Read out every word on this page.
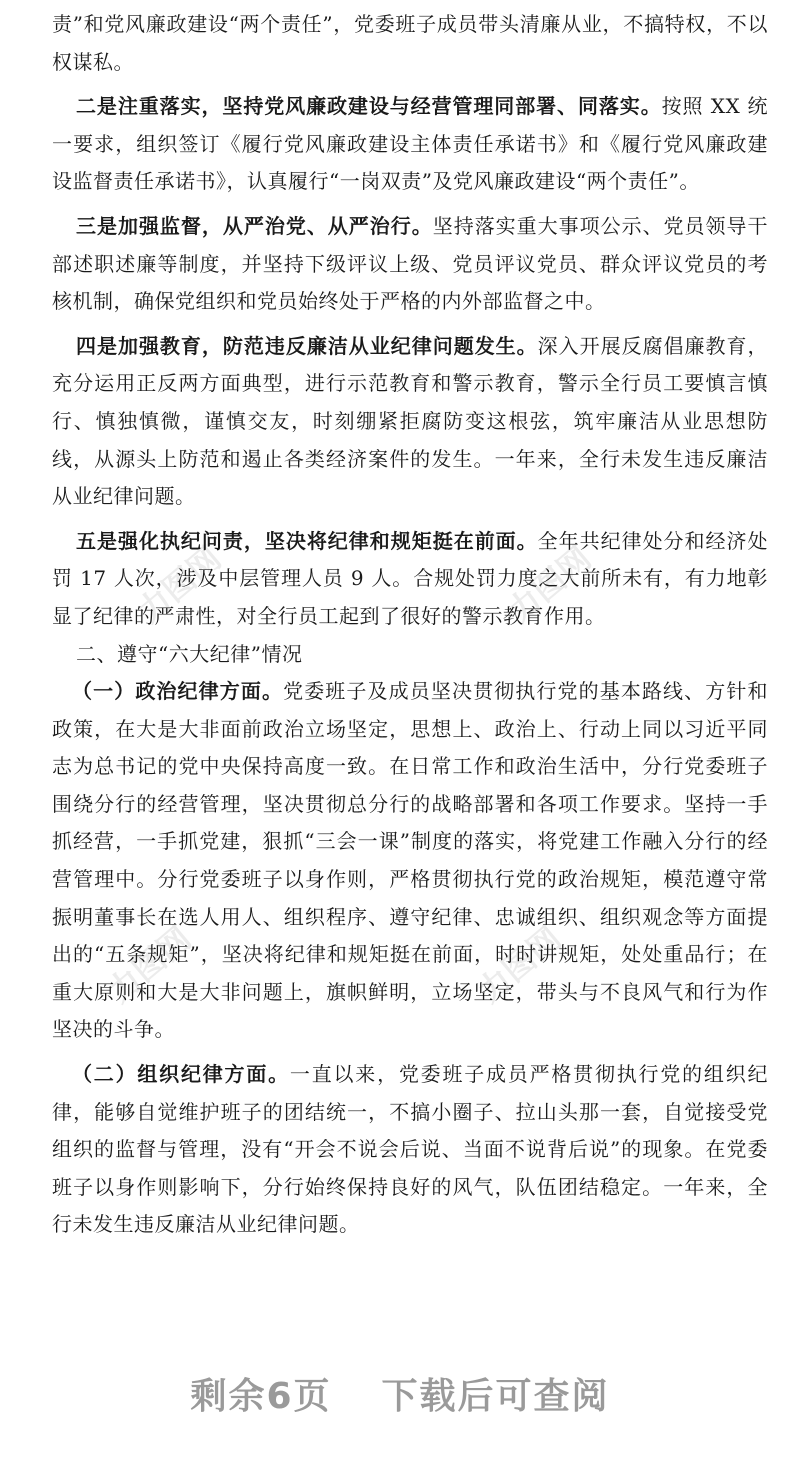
力图网	力图网
力图网	力图网

责”和党风廉政建设“两个责任”，党委班子成员带头清廉从业，不搞特权，不以权谋私。

二是注重落实，坚持党风廉政建设与经营管理同部署、同落实。按照 XX 统一要求，组织签订《履行党风廉政建设主体责任承诺书》和《履行党风廉政建设监督责任承诺书》，认真履行“一岗双责”及党风廉政建设“两个责任”。

三是加强监督，从严治党、从严治行。坚持落实重大事项公示、党员领导干部述职述廉等制度，并坚持下级评议上级、党员评议党员、群众评议党员的考核机制，确保党组织和党员始终处于严格的内外部监督之中。

四是加强教育，防范违反廉洁从业纪律问题发生。深入开展反腐倡廉教育，充分运用正反两方面典型，进行示范教育和警示教育，警示全行员工要慎言慎行、慎独慎微，谨慎交友，时刻绷紧拒腐防变这根弦，筑牢廉洁从业思想防线，从源头上防范和遏止各类经济案件的发生。一年来，全行未发生违反廉洁从业纪律问题。

五是强化执纪问责，坚决将纪律和规矩挺在前面。全年共纪律处分和经济处罚 17 人次，涉及中层管理人员 9 人。合规处罚力度之大前所未有，有力地彰显了纪律的严肃性，对全行员工起到了很好的警示教育作用。

二、遵守“六大纪律”情况

（一）政治纪律方面。党委班子及成员坚决贯彻执行党的基本路线、方针和政策，在大是大非面前政治立场坚定，思想上、政治上、行动上同以习近平同志为总书记的党中央保持高度一致。在日常工作和政治生活中，分行党委班子围绕分行的经营管理，坚决贯彻总分行的战略部署和各项工作要求。坚持一手抓经营，一手抓党建，狠抓“三会一课”制度的落实，将党建工作融入分行的经营管理中。分行党委班子以身作则，严格贯彻执行党的政治规矩，模范遵守常振明董事长在选人用人、组织程序、遵守纪律、忠诚组织、组织观念等方面提出的“五条规矩”，坚决将纪律和规矩挺在前面，时时讲规矩，处处重品行；在重大原则和大是大非问题上，旗帜鲜明，立场坚定，带头与不良风气和行为作坚决的斗争。

（二）组织纪律方面。一直以来，党委班子成员严格贯彻执行党的组织纪律，能够自觉维护班子的团结统一，不搞小圈子、拉山头那一套，自觉接受党组织的监督与管理，没有“开会不说会后说、当面不说背后说”的现象。在党委班子以身作则影响下，分行始终保持良好的风气，队伍团结稳定。一年来，全行未发生违反廉洁从业纪律问题。

剩余6页 下载后可查阅
